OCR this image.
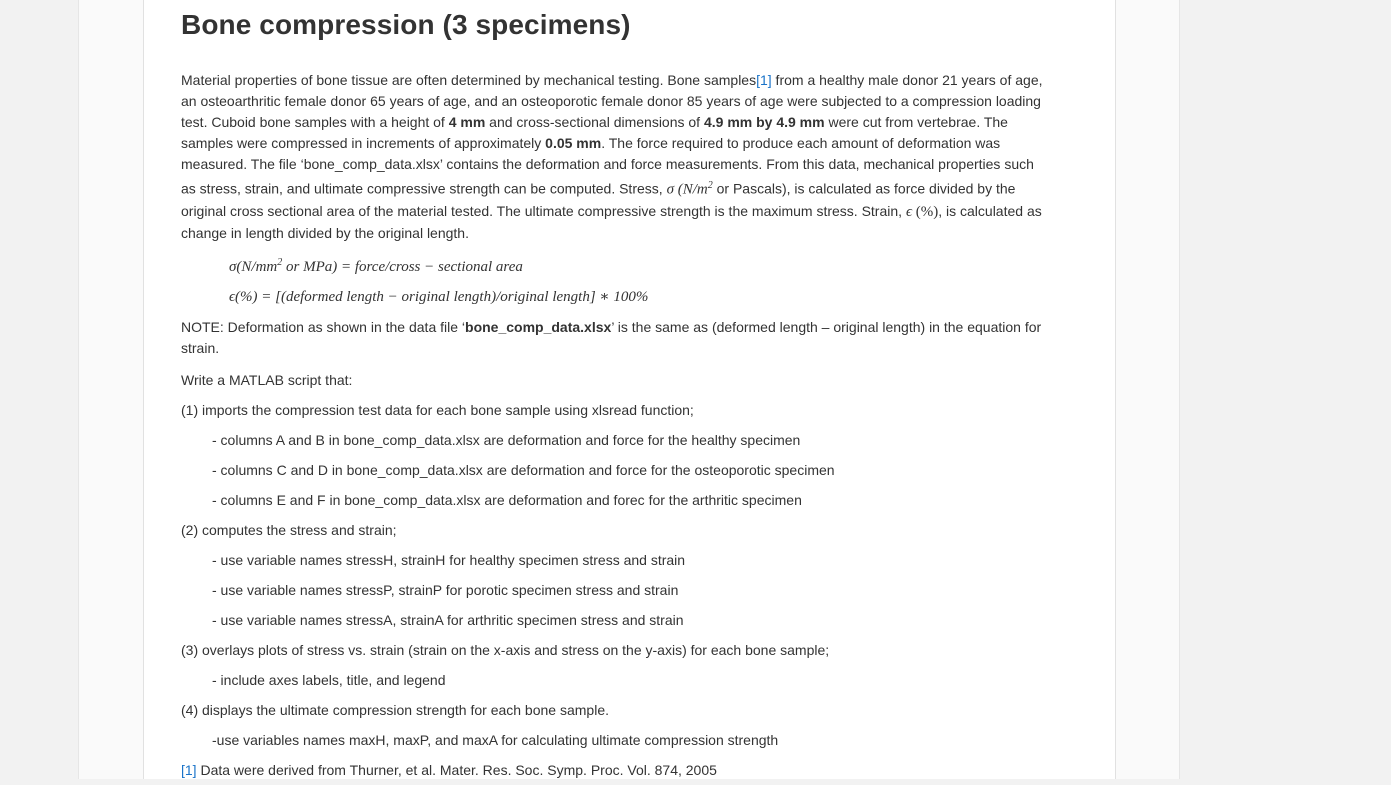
Bone compression (3 specimens)

Material properties of bone tissue are often determined by mechanical testing. Bone samples[1] from a healthy male donor 21 years of age, an osteoarthritic female donor 65 years of age, and an osteoporotic female donor 85 years of age were subjected to a compression loading test. Cuboid bone samples with a height of 4 mm and cross-sectional dimensions of 4.9 mm by 4.9 mm were cut from vertebrae. The samples were compressed in increments of approximately 0.05 mm. The force required to produce each amount of deformation was measured. The file ‘bone_comp_data.xlsx’ contains the deformation and force measurements. From this data, mechanical properties such as stress, strain, and ultimate compressive strength can be computed. Stress, σ ($N/m^2$ or Pascals), is calculated as force divided by the original cross sectional area of the material tested. The ultimate compressive strength is the maximum stress. Strain, ϵ (%), is calculated as change in length divided by the original length.

$\sigma(N/mm^2$ or MPa) = force/cross − sectional area
ϵ(%) = [(deformed length − original length)/original length] ∗ 100%

NOTE: Deformation as shown in the data file ‘bone_comp_data.xlsx’ is the same as (deformed length – original length) in the equation for strain.

Write a MATLAB script that:

(1) imports the compression test data for each bone sample using xlsread function;

- columns A and B in bone_comp_data.xlsx are deformation and force for the healthy specimen

- columns C and D in bone_comp_data.xlsx are deformation and force for the osteoporotic specimen

- columns E and F in bone_comp_data.xlsx are deformation and forec for the arthritic specimen

(2) computes the stress and strain;

- use variable names stressH, strainH for healthy specimen stress and strain

- use variable names stressP, strainP for porotic specimen stress and strain

- use variable names stressA, strainA for arthritic specimen stress and strain

(3) overlays plots of stress vs. strain (strain on the x-axis and stress on the y-axis) for each bone sample;

- include axes labels, title, and legend

(4) displays the ultimate compression strength for each bone sample.

-use variables names maxH, maxP, and maxA for calculating ultimate compression strength

[1] Data were derived from Thurner, et al. Mater. Res. Soc. Symp. Proc. Vol. 874, 2005
